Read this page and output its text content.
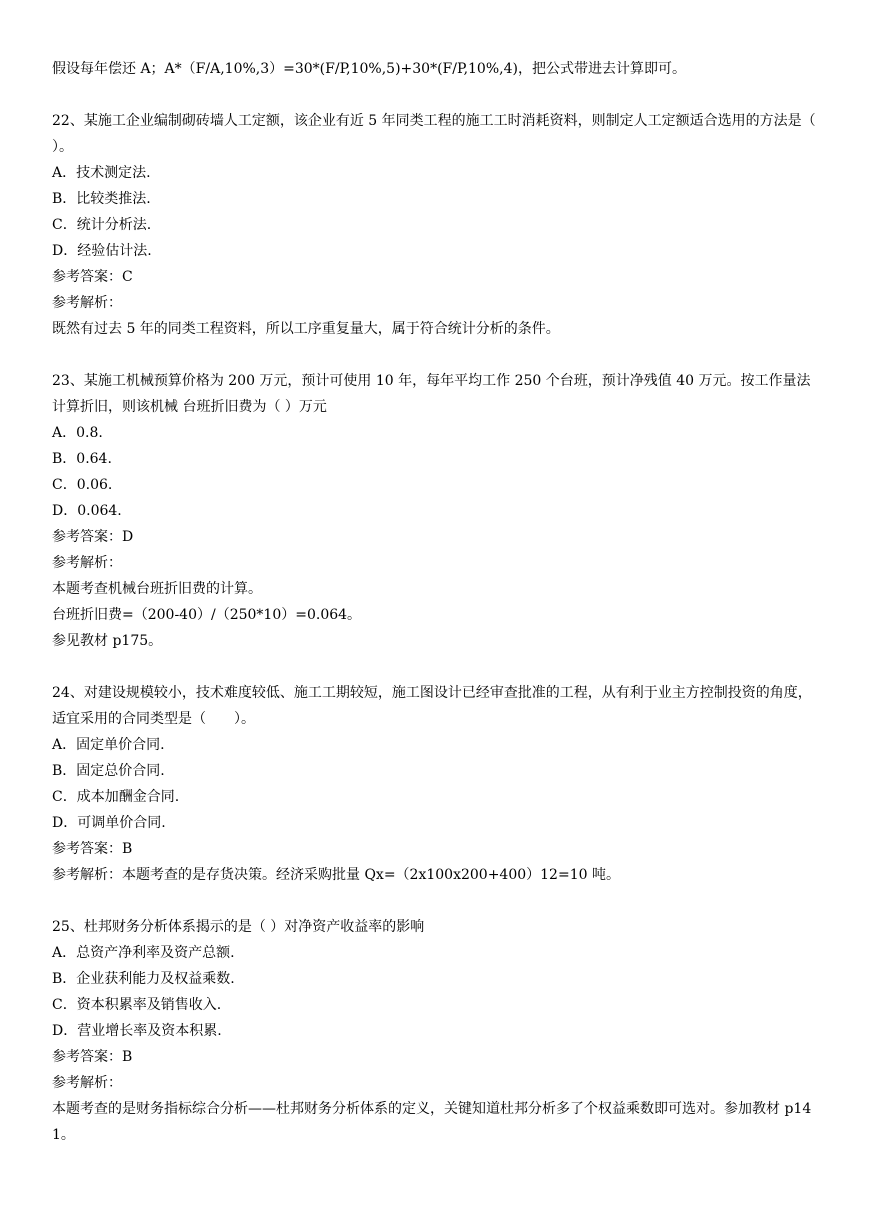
假设每年偿还 A；A*（F/A,10%,3）=30*(F/P,10%,5)+30*(F/P,10%,4)，把公式带进去计算即可。
22、某施工企业编制砌砖墙人工定额，该企业有近 5 年同类工程的施工工时消耗资料，则制定人工定额适合选用的方法是（　　）。
A．技术测定法.
B．比较类推法.
C．统计分析法.
D．经验估计法.
参考答案：C
参考解析：
既然有过去 5 年的同类工程资料，所以工序重复量大，属于符合统计分析的条件。
23、某施工机械预算价格为 200 万元，预计可使用 10 年，每年平均工作 250 个台班，预计净残值 40 万元。按工作量法计算折旧，则该机械 台班折旧费为（ ）万元
A．0.8.
B．0.64.
C．0.06.
D．0.064.
参考答案：D
参考解析：
本题考查机械台班折旧费的计算。
台班折旧费=（200-40）/（250*10）=0.064。
参见教材 p175。
24、对建设规模较小，技术难度较低、施工工期较短，施工图设计已经审查批准的工程，从有利于业主方控制投资的角度，适宜采用的合同类型是（　　）。
A．固定单价合同.
B．固定总价合同.
C．成本加酬金合同.
D．可调单价合同.
参考答案：B
参考解析：本题考查的是存货决策。经济采购批量 Qx=（2x100x200+400）12=10 吨。
25、杜邦财务分析体系揭示的是（ ）对净资产收益率的影响
A．总资产净利率及资产总额.
B．企业获利能力及权益乘数.
C．资本积累率及销售收入.
D．营业增长率及资本积累.
参考答案：B
参考解析：
本题考查的是财务指标综合分析——杜邦财务分析体系的定义，关键知道杜邦分析多了个权益乘数即可选对。参加教材 p141。
